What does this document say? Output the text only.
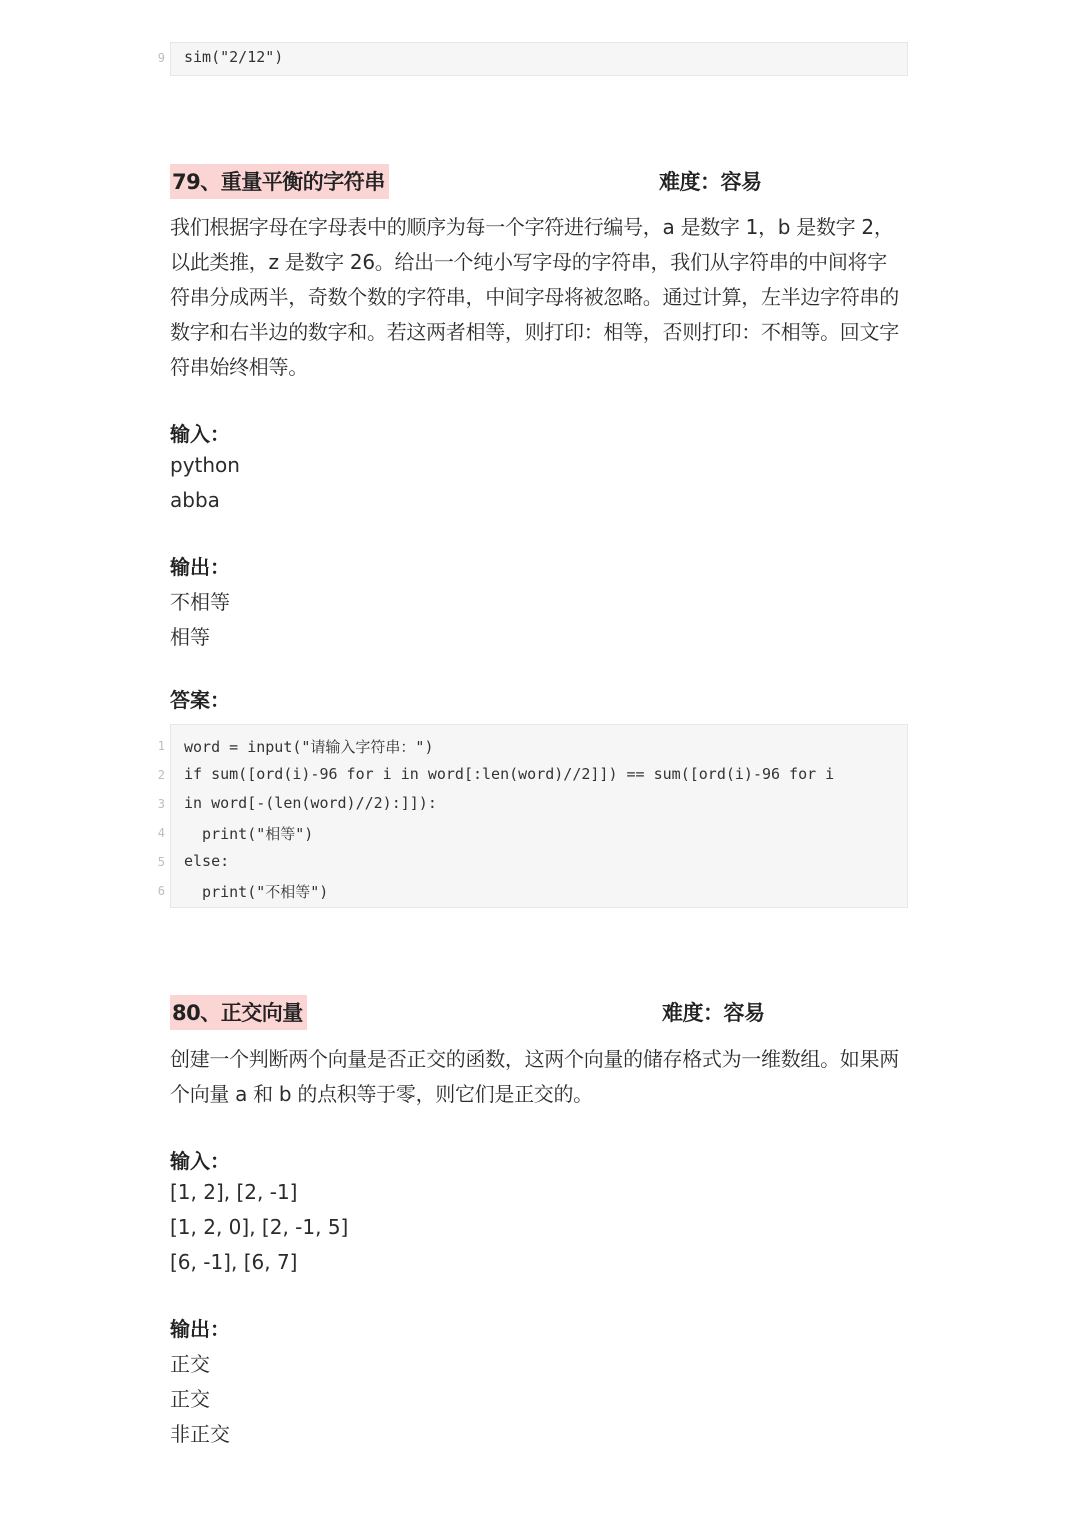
9 sim("2/12")
79、重量平衡的字符串	难度：容易

我们根据字母在字母表中的顺序为每一个字符进行编号，a 是数字 1，b 是数字 2，以此类推，z 是数字 26。给出一个纯小写字母的字符串，我们从字符串的中间将字符串分成两半，奇数个数的字符串，中间字母将被忽略。通过计算，左半边字符串的数字和右半边的数字和。若这两者相等，则打印：相等，否则打印：不相等。回文字符串始终相等。

输入：
python
abba
输出：
不相等
相等
答案：
1 word = input("请输入字符串：")
2 if sum([ord(i)-96 for i in word[:len(word)//2]]) == sum([ord(i)-96 for i
3 in word[-(len(word)//2):]]):
4 print("相等")
5 else:
6 print("不相等")
80、正交向量	难度：容易

创建一个判断两个向量是否正交的函数，这两个向量的储存格式为一维数组。如果两个向量 a 和 b 的点积等于零，则它们是正交的。

输入：
[1, 2], [2, -1]
[1, 2, 0], [2, -1, 5]
[6, -1], [6, 7]
输出：
正交
正交
非正交
